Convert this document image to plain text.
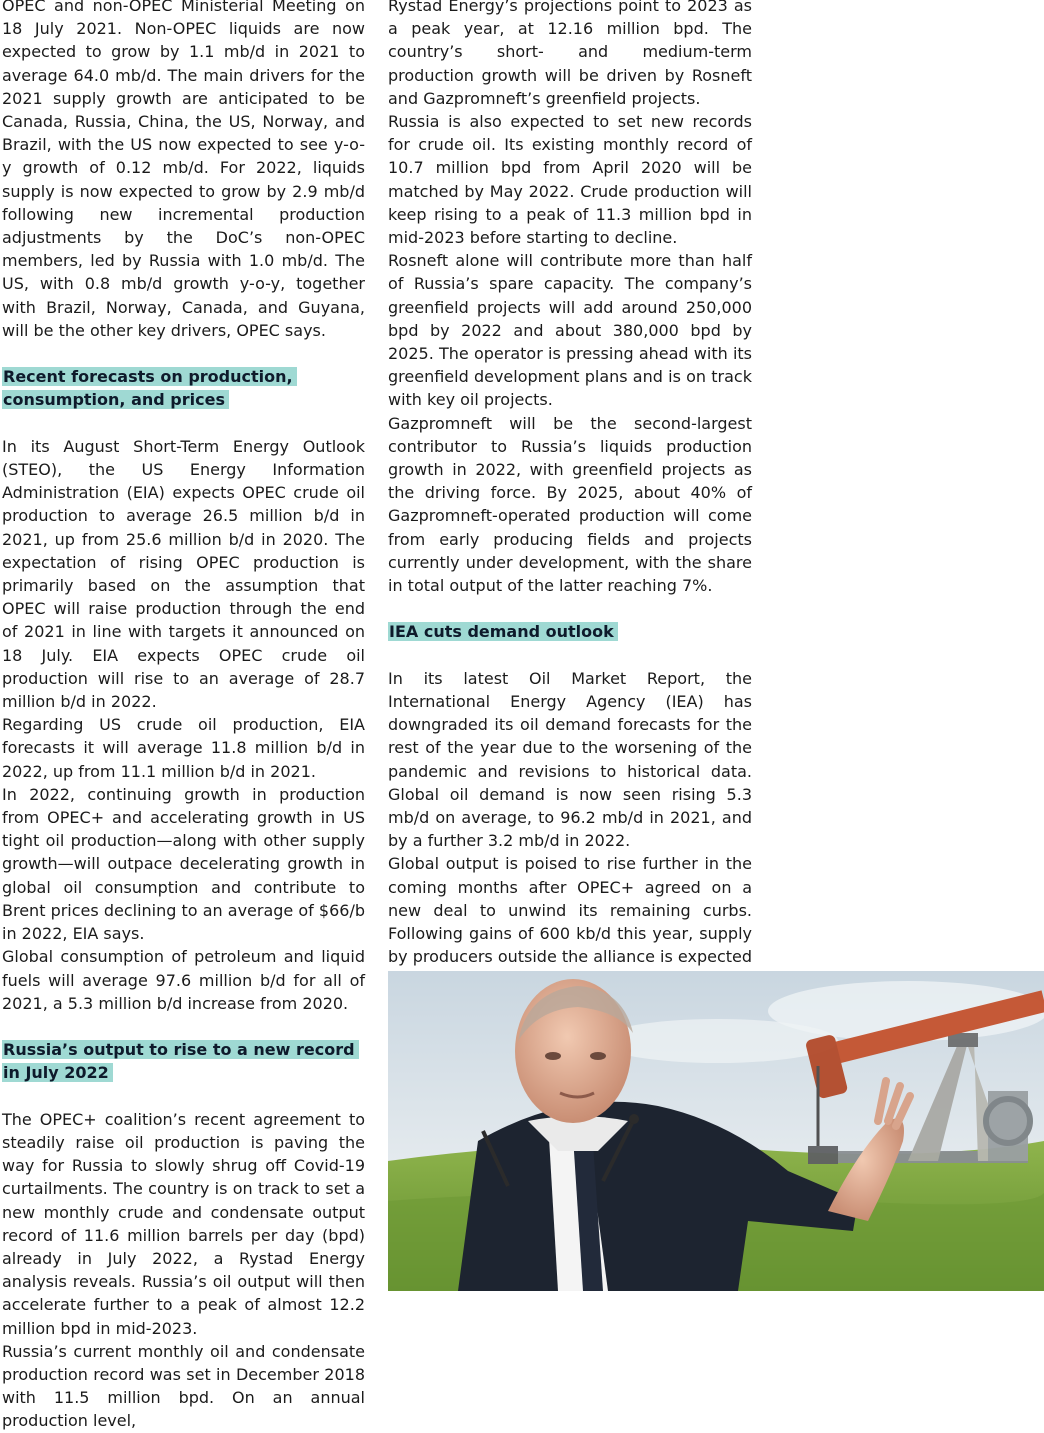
OPEC and non-OPEC Ministerial Meeting on 18 July 2021. Non-OPEC liquids are now expected to grow by 1.1 mb/d in 2021 to average 64.0 mb/d. The main drivers for the 2021 supply growth are anticipated to be Canada, Russia, China, the US, Norway, and Brazil, with the US now expected to see y-o-y growth of 0.12 mb/d. For 2022, liquids supply is now expected to grow by 2.9 mb/d following new incremental production adjustments by the DoC’s non-OPEC members, led by Russia with 1.0 mb/d. The US, with 0.8 mb/d growth y-o-y, together with Brazil, Norway, Canada, and Guyana, will be the other key drivers, OPEC says.

Recent forecasts on production, consumption, and prices

In its August Short-Term Energy Outlook (STEO), the US Energy Information Administration (EIA) expects OPEC crude oil production to average 26.5 million b/d in 2021, up from 25.6 million b/d in 2020. The expectation of rising OPEC production is primarily based on the assumption that OPEC will raise production through the end of 2021 in line with targets it announced on 18 July. EIA expects OPEC crude oil production will rise to an average of 28.7 million b/d in 2022.

Regarding US crude oil production, EIA forecasts it will average 11.8 million b/d in 2022, up from 11.1 million b/d in 2021.

In 2022, continuing growth in production from OPEC+ and accelerating growth in US tight oil production—along with other supply growth—will outpace decelerating growth in global oil consumption and contribute to Brent prices declining to an average of $66/b in 2022, EIA says.

Global consumption of petroleum and liquid fuels will average 97.6 million b/d for all of 2021, a 5.3 million b/d increase from 2020.

Russia’s output to rise to a new record in July 2022

The OPEC+ coalition’s recent agreement to steadily raise oil production is paving the way for Russia to slowly shrug off Covid-19 curtailments. The country is on track to set a new monthly crude and condensate output record of 11.6 million barrels per day (bpd) already in July 2022, a Rystad Energy analysis reveals. Russia’s oil output will then accelerate further to a peak of almost 12.2 million bpd in mid-2023.

Russia’s current monthly oil and condensate production record was set in December 2018 with 11.5 million bpd. On an annual production level,

Rystad Energy’s projections point to 2023 as a peak year, at 12.16 million bpd. The country’s short- and medium-term production growth will be driven by Rosneft and Gazpromneft’s greenfield projects.

Russia is also expected to set new records for crude oil. Its existing monthly record of 10.7 million bpd from April 2020 will be matched by May 2022. Crude production will keep rising to a peak of 11.3 million bpd in mid-2023 before starting to decline.

Rosneft alone will contribute more than half of Russia’s spare capacity. The company’s greenfield projects will add around 250,000 bpd by 2022 and about 380,000 bpd by 2025. The operator is pressing ahead with its greenfield development plans and is on track with key oil projects.

Gazpromneft will be the second-largest contributor to Russia’s liquids production growth in 2022, with greenfield projects as the driving force. By 2025, about 40% of Gazpromneft-operated production will come from early producing fields and projects currently under development, with the share in total output of the latter reaching 7%.

IEA cuts demand outlook

In its latest Oil Market Report, the International Energy Agency (IEA) has downgraded its oil demand forecasts for the rest of the year due to the worsening of the pandemic and revisions to historical data. Global oil demand is now seen rising 5.3 mb/d on average, to 96.2 mb/d in 2021, and by a further 3.2 mb/d in 2022.

Global output is poised to rise further in the coming months after OPEC+ agreed on a new deal to unwind its remaining curbs. Following gains of 600 kb/d this year, supply by producers outside the alliance is expected
